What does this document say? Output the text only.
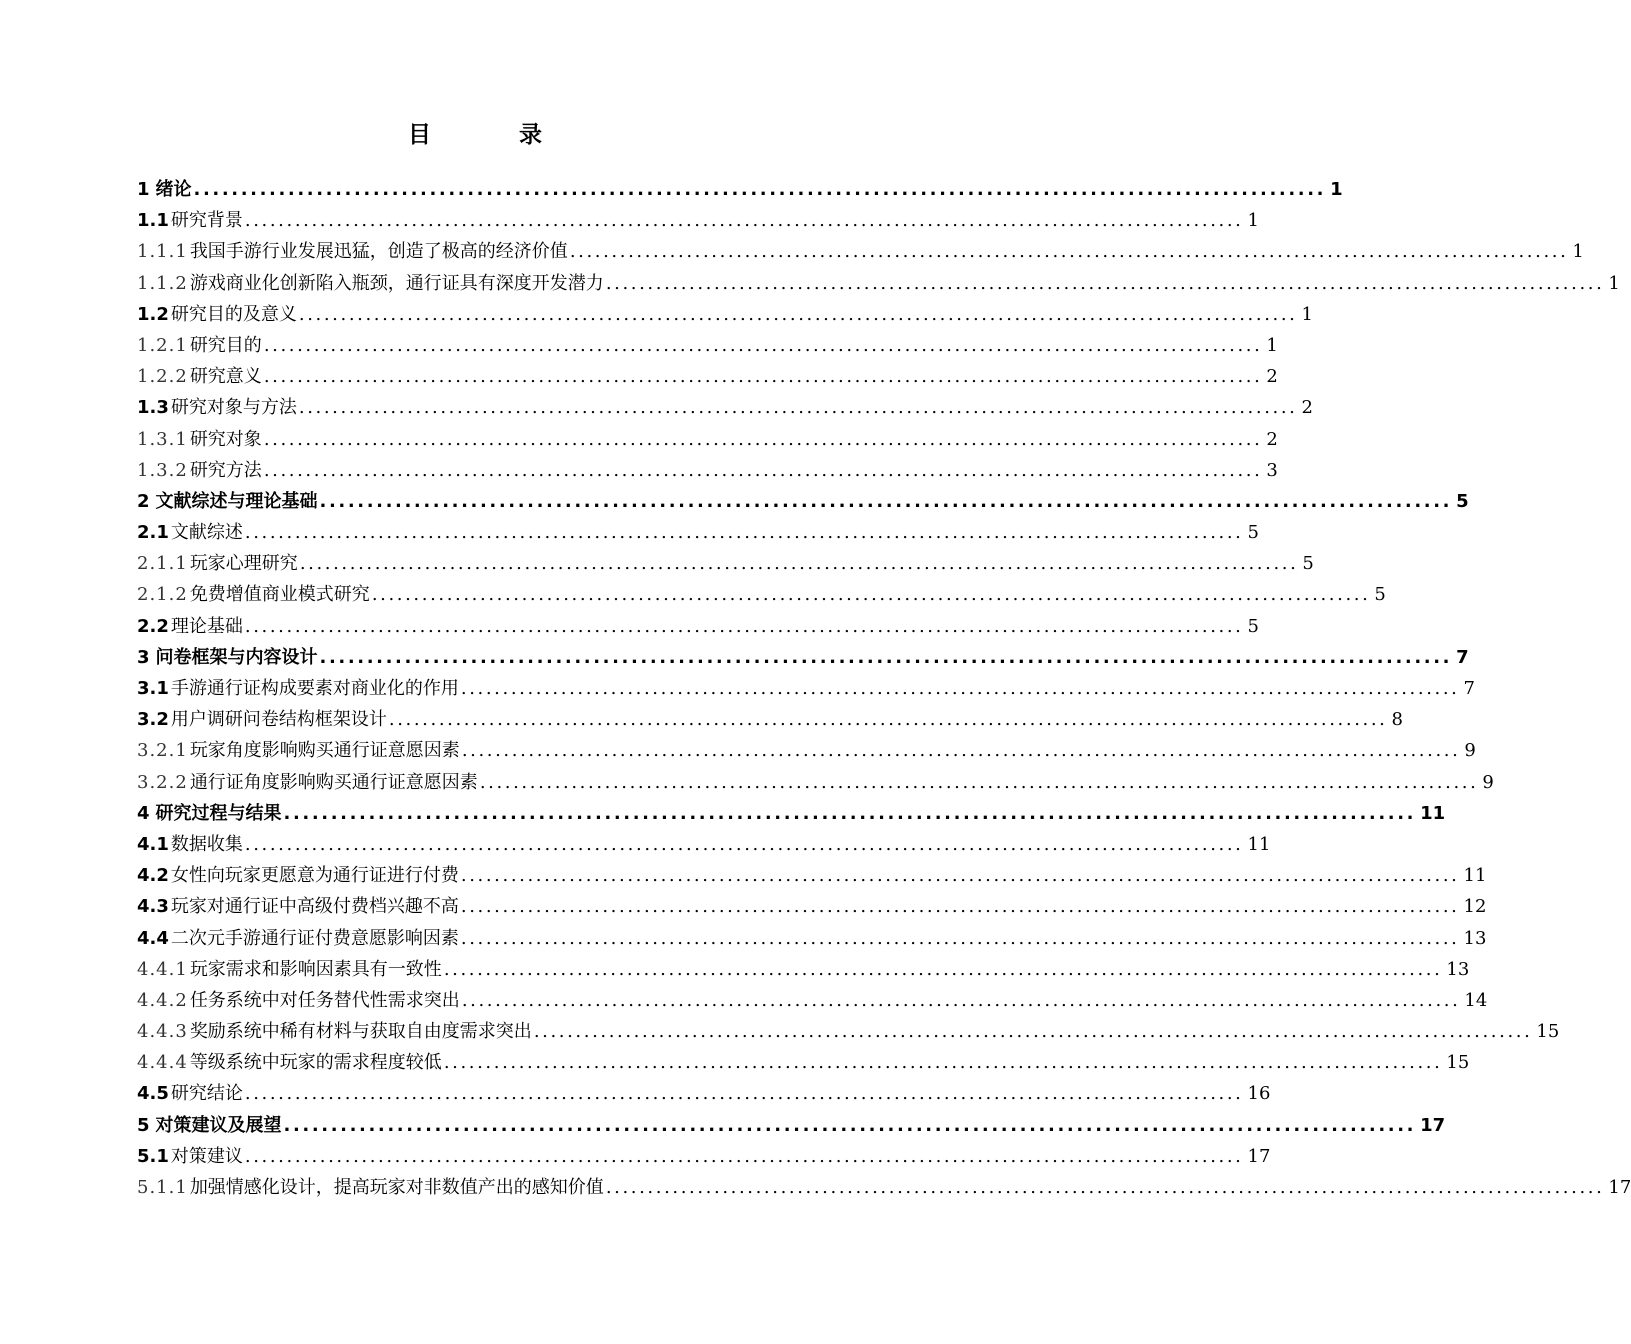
目 录
1 绪论 ........................................................................................................................ 1
1.1 研究背景 ........................................................................................................................ 1
1.1.1 我国手游行业发展迅猛，创造了极高的经济价值 ........................................................................................................................ 1
1.1.2 游戏商业化创新陷入瓶颈，通行证具有深度开发潜力 ........................................................................................................................ 1
1.2 研究目的及意义 ........................................................................................................................ 1
1.2.1 研究目的 ........................................................................................................................ 1
1.2.2 研究意义 ........................................................................................................................ 2
1.3 研究对象与方法 ........................................................................................................................ 2
1.3.1 研究对象 ........................................................................................................................ 2
1.3.2 研究方法 ........................................................................................................................ 3
2 文献综述与理论基础 ........................................................................................................................ 5
2.1 文献综述 ........................................................................................................................ 5
2.1.1 玩家心理研究 ........................................................................................................................ 5
2.1.2 免费增值商业模式研究 ........................................................................................................................ 5
2.2 理论基础 ........................................................................................................................ 5
3 问卷框架与内容设计 ........................................................................................................................ 7
3.1 手游通行证构成要素对商业化的作用 ........................................................................................................................ 7
3.2 用户调研问卷结构框架设计 ........................................................................................................................ 8
3.2.1 玩家角度影响购买通行证意愿因素 ........................................................................................................................ 9
3.2.2 通行证角度影响购买通行证意愿因素 ........................................................................................................................ 9
4 研究过程与结果 ........................................................................................................................ 11
4.1 数据收集 ........................................................................................................................ 11
4.2 女性向玩家更愿意为通行证进行付费 ........................................................................................................................ 11
4.3 玩家对通行证中高级付费档兴趣不高 ........................................................................................................................ 12
4.4 二次元手游通行证付费意愿影响因素 ........................................................................................................................ 13
4.4.1 玩家需求和影响因素具有一致性 ........................................................................................................................ 13
4.4.2 任务系统中对任务替代性需求突出 ........................................................................................................................ 14
4.4.3 奖励系统中稀有材料与获取自由度需求突出 ........................................................................................................................ 15
4.4.4 等级系统中玩家的需求程度较低 ........................................................................................................................ 15
4.5 研究结论 ........................................................................................................................ 16
5 对策建议及展望 ........................................................................................................................ 17
5.1 对策建议 ........................................................................................................................ 17
5.1.1 加强情感化设计，提高玩家对非数值产出的感知价值 ........................................................................................................................ 17
